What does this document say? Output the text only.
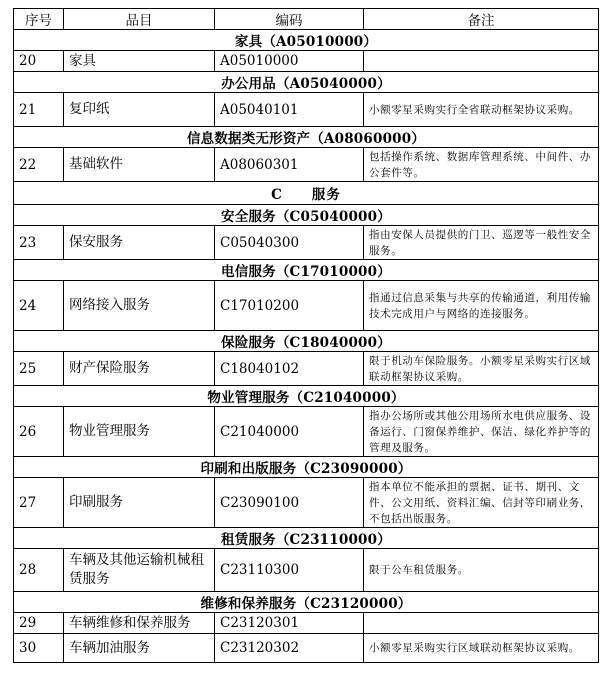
序号	品目	编码	备注
家具（A05010000）			
20	家具	A05010000	
办公用品（A05040000）			
21	复印纸	A05040101	小额零星采购实行全省联动框架协议采购。
信息数据类无形资产（A08060000）			
22	基础软件	A08060301	包括操作系统、数据库管理系统、中间件、办公套件等。
C　　服务			
安全服务（C05040000）			
23	保安服务	C05040300	指由安保人员提供的门卫、巡逻等一般性安全服务。
电信服务（C17010000）			
24	网络接入服务	C17010200	指通过信息采集与共享的传输通道，利用传输技术完成用户与网络的连接服务。
保险服务（C18040000）			
25	财产保险服务	C18040102	限于机动车保险服务。小额零星采购实行区域联动框架协议采购。
物业管理服务（C21040000）			
26	物业管理服务	C21040000	指办公场所或其他公用场所水电供应服务、设备运行、门窗保养维护、保洁、绿化养护等的管理及服务。
印刷和出版服务（C23090000）			
27	印刷服务	C23090100	指本单位不能承担的票据、证书、期刊、文件、公文用纸、资料汇编、信封等印刷业务，不包括出版服务。
租赁服务（C23110000）			
28	车辆及其他运输机械租赁服务	C23110300	限于公车租赁服务。
维修和保养服务（C23120000）			
29	车辆维修和保养服务	C23120301	
30	车辆加油服务	C23120302	小额零星采购实行区域联动框架协议采购。
